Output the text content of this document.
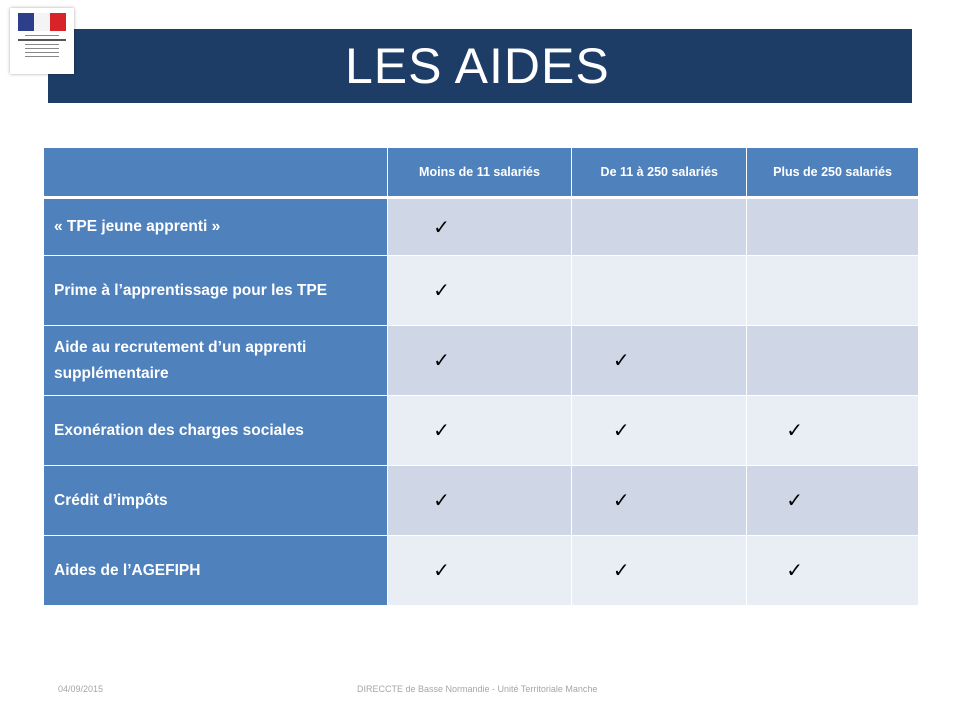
LES AIDES
	Moins de 11 salariés	De 11 à 250 salariés	Plus de 250 salariés
« TPE jeune apprenti »	✓		
Prime à l’apprentissage pour les TPE	✓		
Aide au recrutement d’un apprenti supplémentaire	✓	✓	
Exonération des charges sociales	✓	✓	✓
Crédit d’impôts	✓	✓	✓
Aides de l’AGEFIPH	✓	✓	✓
04/09/2015	DIRECCTE de Basse Normandie - Unité Territoriale Manche
